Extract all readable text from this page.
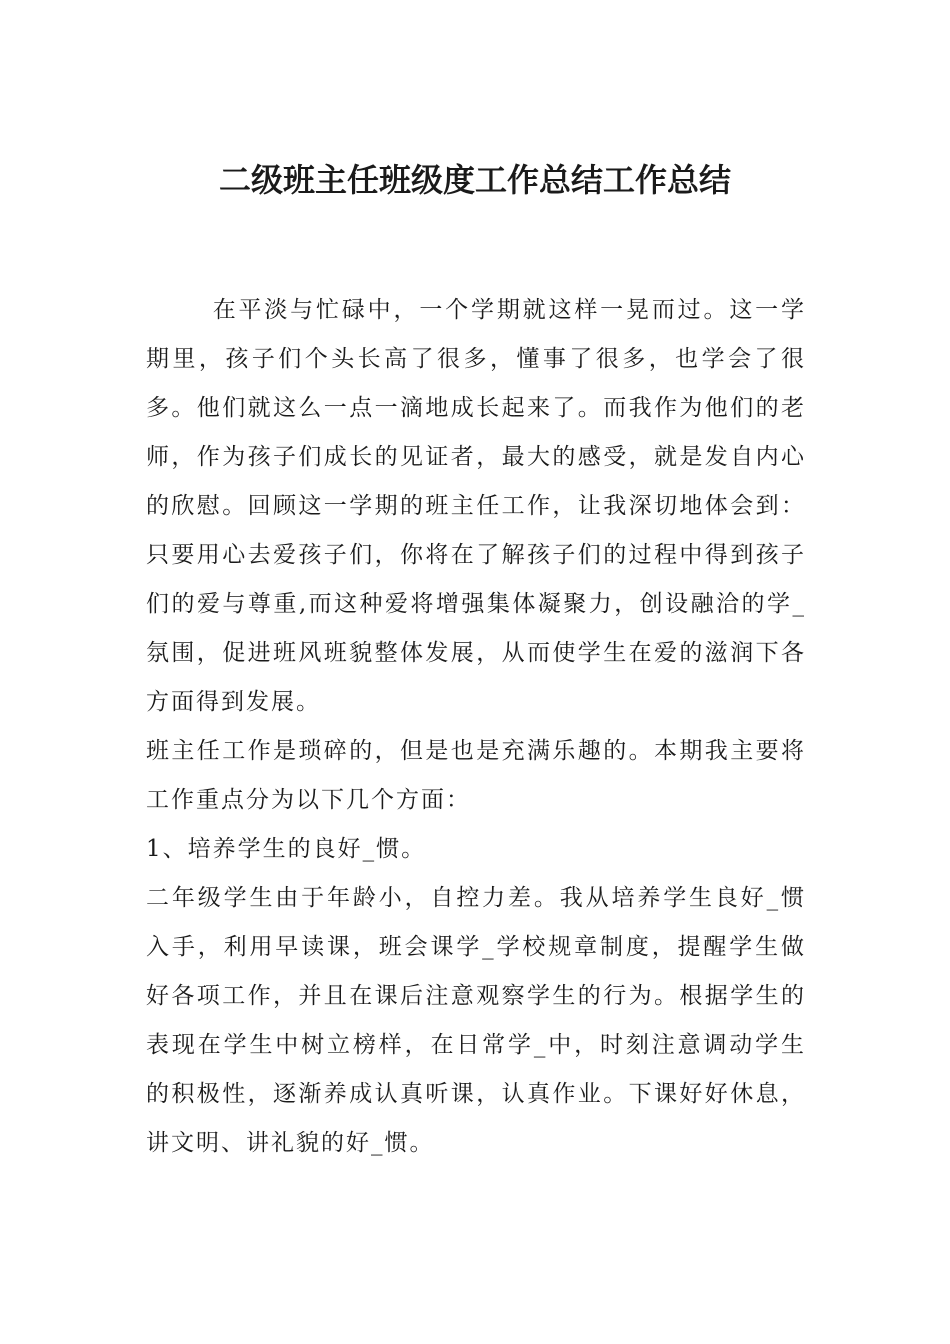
二级班主任班级度工作总结工作总结

在平淡与忙碌中，一个学期就这样一晃而过。这一学期里，孩子们个头长高了很多，懂事了很多，也学会了很多。他们就这么一点一滴地成长起来了。而我作为他们的老师，作为孩子们成长的见证者，最大的感受，就是发自内心的欣慰。回顾这一学期的班主任工作，让我深切地体会到：只要用心去爱孩子们，你将在了解孩子们的过程中得到孩子们的爱与尊重,而这种爱将增强集体凝聚力，创设融洽的学_氛围，促进班风班貌整体发展，从而使学生在爱的滋润下各方面得到发展。

班主任工作是琐碎的，但是也是充满乐趣的。本期我主要将工作重点分为以下几个方面：

1、培养学生的良好_惯。

二年级学生由于年龄小，自控力差。我从培养学生良好_惯入手，利用早读课，班会课学_学校规章制度，提醒学生做好各项工作，并且在课后注意观察学生的行为。根据学生的表现在学生中树立榜样，在日常学_中，时刻注意调动学生的积极性，逐渐养成认真听课，认真作业。下课好好休息，讲文明、讲礼貌的好_惯。
